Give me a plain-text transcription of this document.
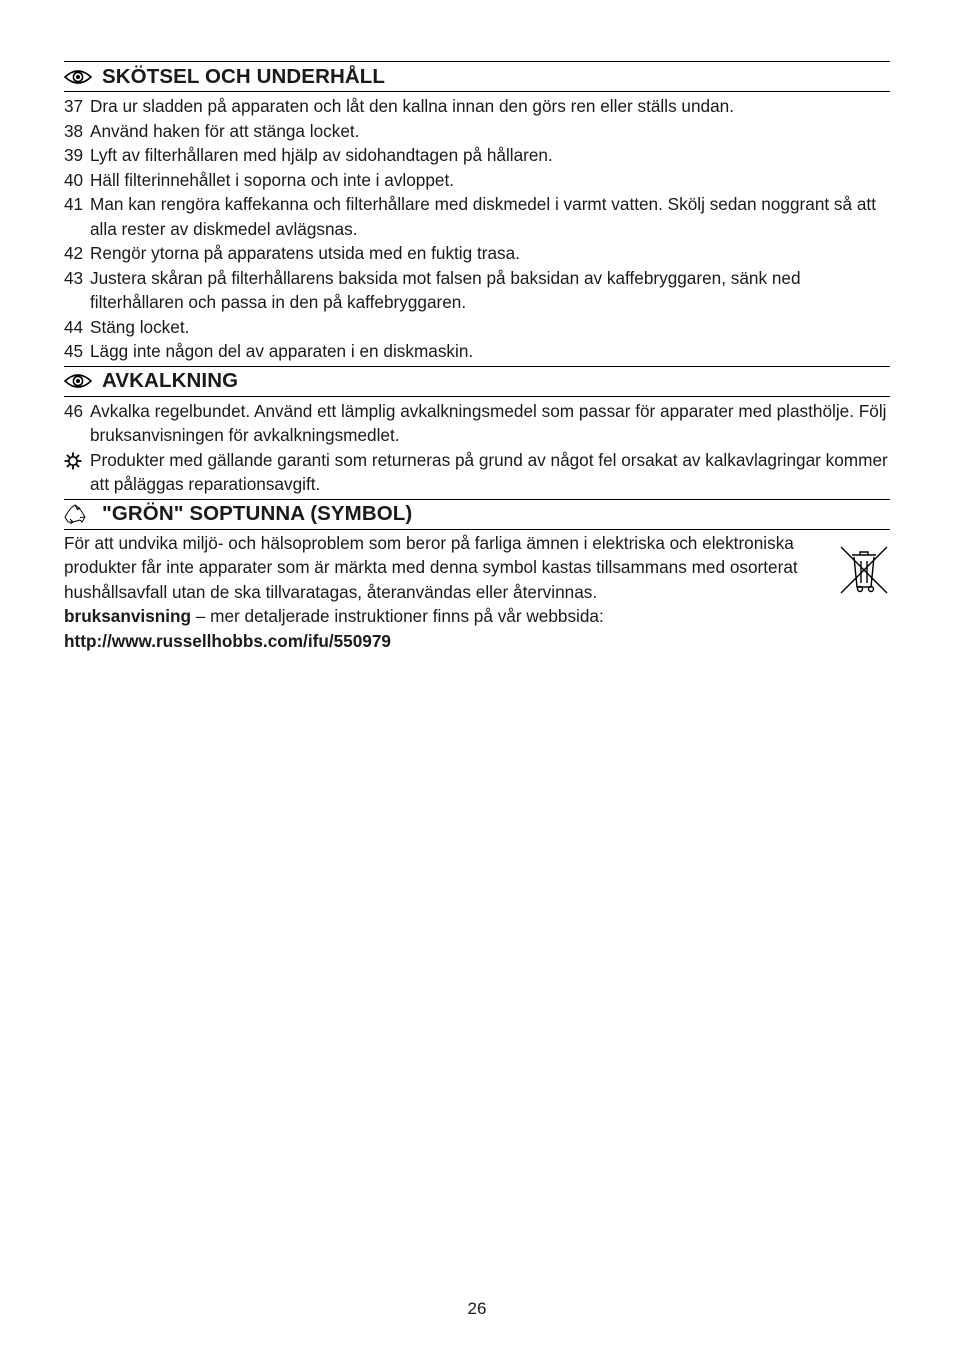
SKÖTSEL OCH UNDERHÅLL
37 Dra ur sladden på apparaten och låt den kallna innan den görs ren eller ställs undan.
38 Använd haken för att stänga locket.
39 Lyft av filterhållaren med hjälp av sidohandtagen på hållaren.
40 Häll filterinnehållet i soporna och inte i avloppet.
41 Man kan rengöra kaffekanna och filterhållare med diskmedel i varmt vatten. Skölj sedan noggrant så att alla rester av diskmedel avlägsnas.
42 Rengör ytorna på apparatens utsida med en fuktig trasa.
43 Justera skåran på filterhållarens baksida mot falsen på baksidan av kaffebryggaren, sänk ned filterhållaren och passa in den på kaffebryggaren.
44 Stäng locket.
45 Lägg inte någon del av apparaten i en diskmaskin.
AVKALKNING
46 Avkalka regelbundet. Använd ett lämplig avkalkningsmedel som passar för apparater med plasthölje. Följ bruksanvisningen för avkalkningsmedlet.
Produkter med gällande garanti som returneras på grund av något fel orsakat av kalkavlagringar kommer att påläggas reparationsavgift.
"GRÖN" SOPTUNNA (SYMBOL)
För att undvika miljö- och hälsoproblem som beror på farliga ämnen i elektriska och elektroniska produkter får inte apparater som är märkta med denna symbol kastas tillsammans med osorterat hushållsavfall utan de ska tillvaratagas, återanvändas eller återvinnas.
bruksanvisning – mer detaljerade instruktioner finns på vår webbsida:
http://www.russellhobbs.com/ifu/550979
26
